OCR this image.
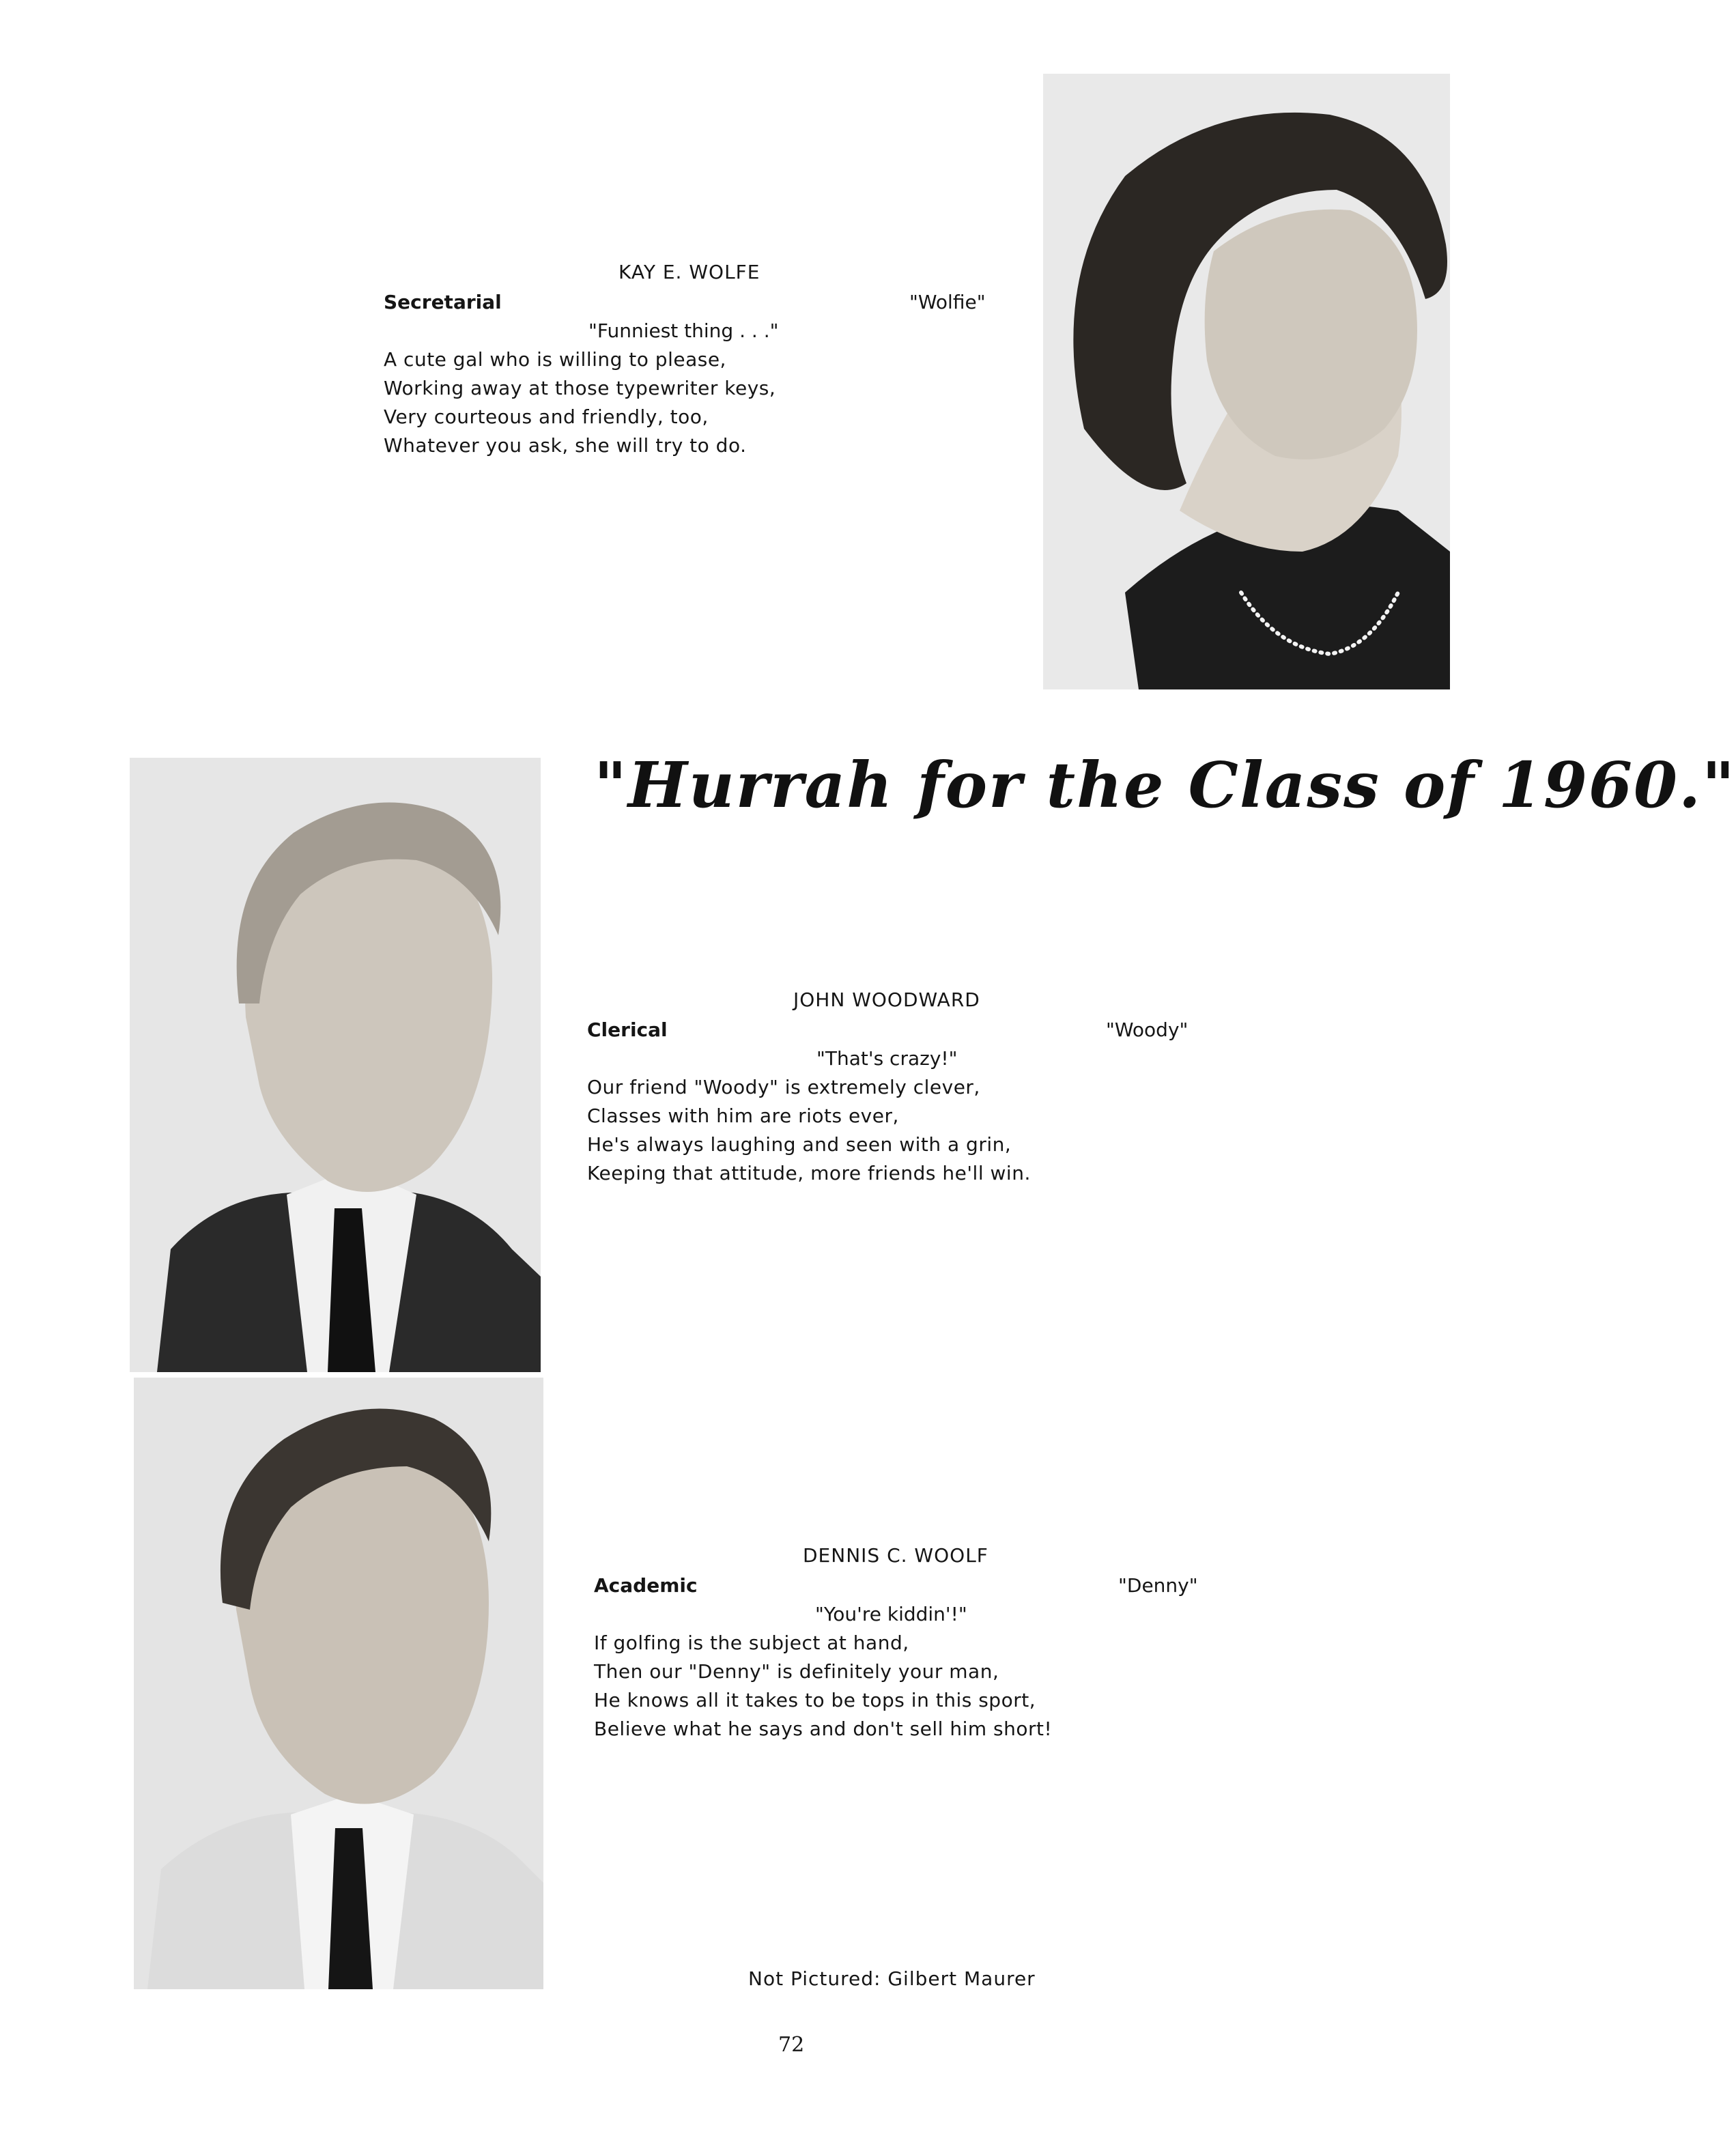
KAY E. WOLFE
Secretarial	"Wolfie"
"Funniest thing . . ."
A cute gal who is willing to please,
Working away at those typewriter keys,
Very courteous and friendly, too,
Whatever you ask, she will try to do.
"Hurrah for the Class of 1960."
JOHN WOODWARD
Clerical	"Woody"
"That's crazy!"
Our friend "Woody" is extremely clever,
Classes with him are riots ever,
He's always laughing and seen with a grin,
Keeping that attitude, more friends he'll win.
DENNIS C. WOOLF
Academic	"Denny"
"You're kiddin'!"
If golfing is the subject at hand,
Then our "Denny" is definitely your man,
He knows all it takes to be tops in this sport,
Believe what he says and don't sell him short!
Not Pictured: Gilbert Maurer
72
